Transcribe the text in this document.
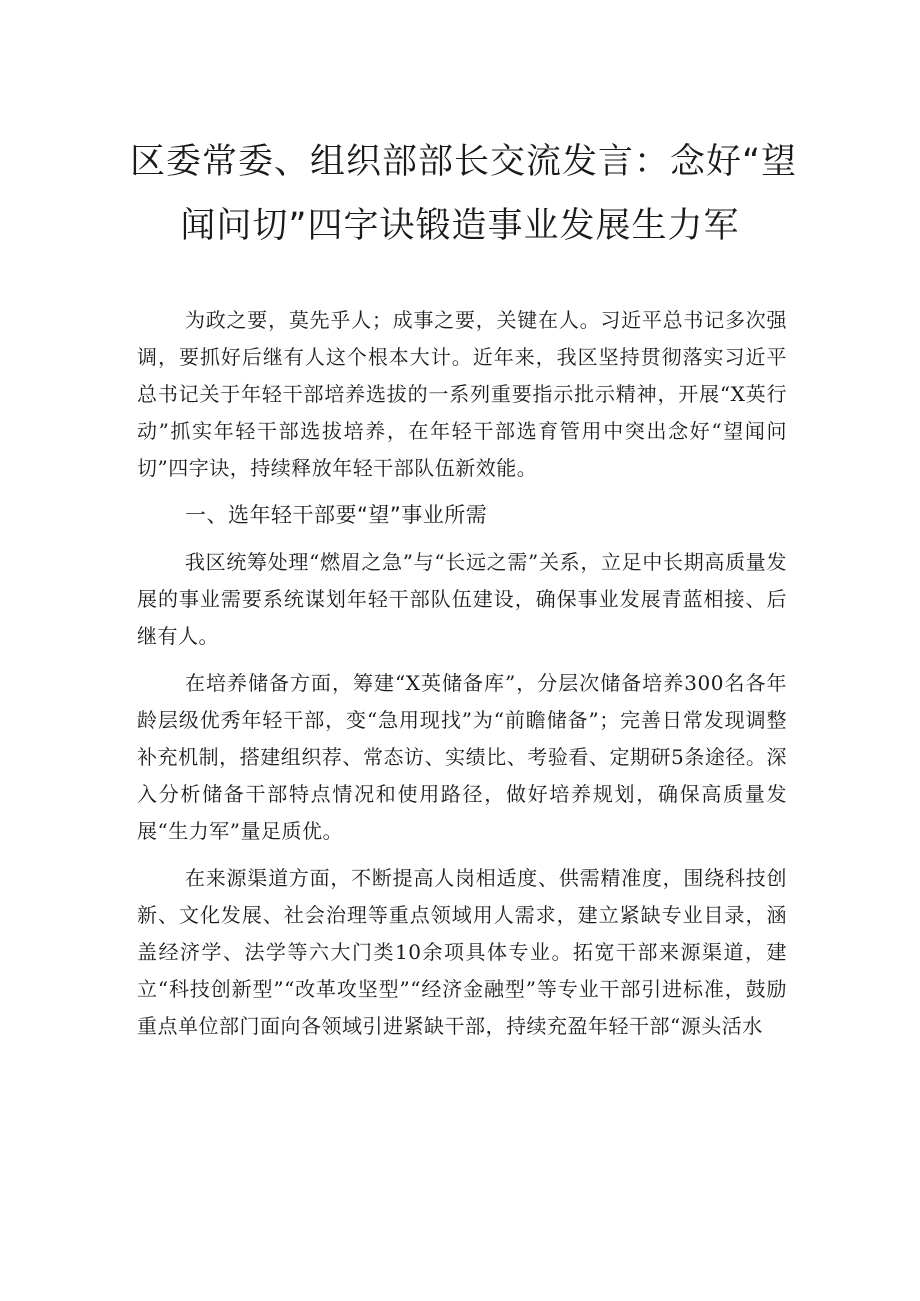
区委常委、组织部部长交流发言：念好“望
闻问切”四字诀锻造事业发展生力军

为政之要，莫先乎人；成事之要，关键在人。习近平总书记多次强调，要抓好后继有人这个根本大计。近年来，我区坚持贯彻落实习近平总书记关于年轻干部培养选拔的一系列重要指示批示精神，开展“X英行动”抓实年轻干部选拔培养，在年轻干部选育管用中突出念好“望闻问切”四字诀，持续释放年轻干部队伍新效能。

一、选年轻干部要“望”事业所需

我区统筹处理“燃眉之急”与“长远之需”关系，立足中长期高质量发展的事业需要系统谋划年轻干部队伍建设，确保事业发展青蓝相接、后继有人。

在培养储备方面，筹建“X英储备库”，分层次储备培养300名各年龄层级优秀年轻干部，变“急用现找”为“前瞻储备”；完善日常发现调整补充机制，搭建组织荐、常态访、实绩比、考验看、定期研5条途径。深入分析储备干部特点情况和使用路径，做好培养规划，确保高质量发展“生力军”量足质优。

在来源渠道方面，不断提高人岗相适度、供需精准度，围绕科技创新、文化发展、社会治理等重点领域用人需求，建立紧缺专业目录，涵盖经济学、法学等六大门类10余项具体专业。拓宽干部来源渠道，建立“科技创新型”“改革攻坚型”“经济金融型”等专业干部引进标准，鼓励重点单位部门面向各领域引进紧缺干部，持续充盈年轻干部“源头活水
